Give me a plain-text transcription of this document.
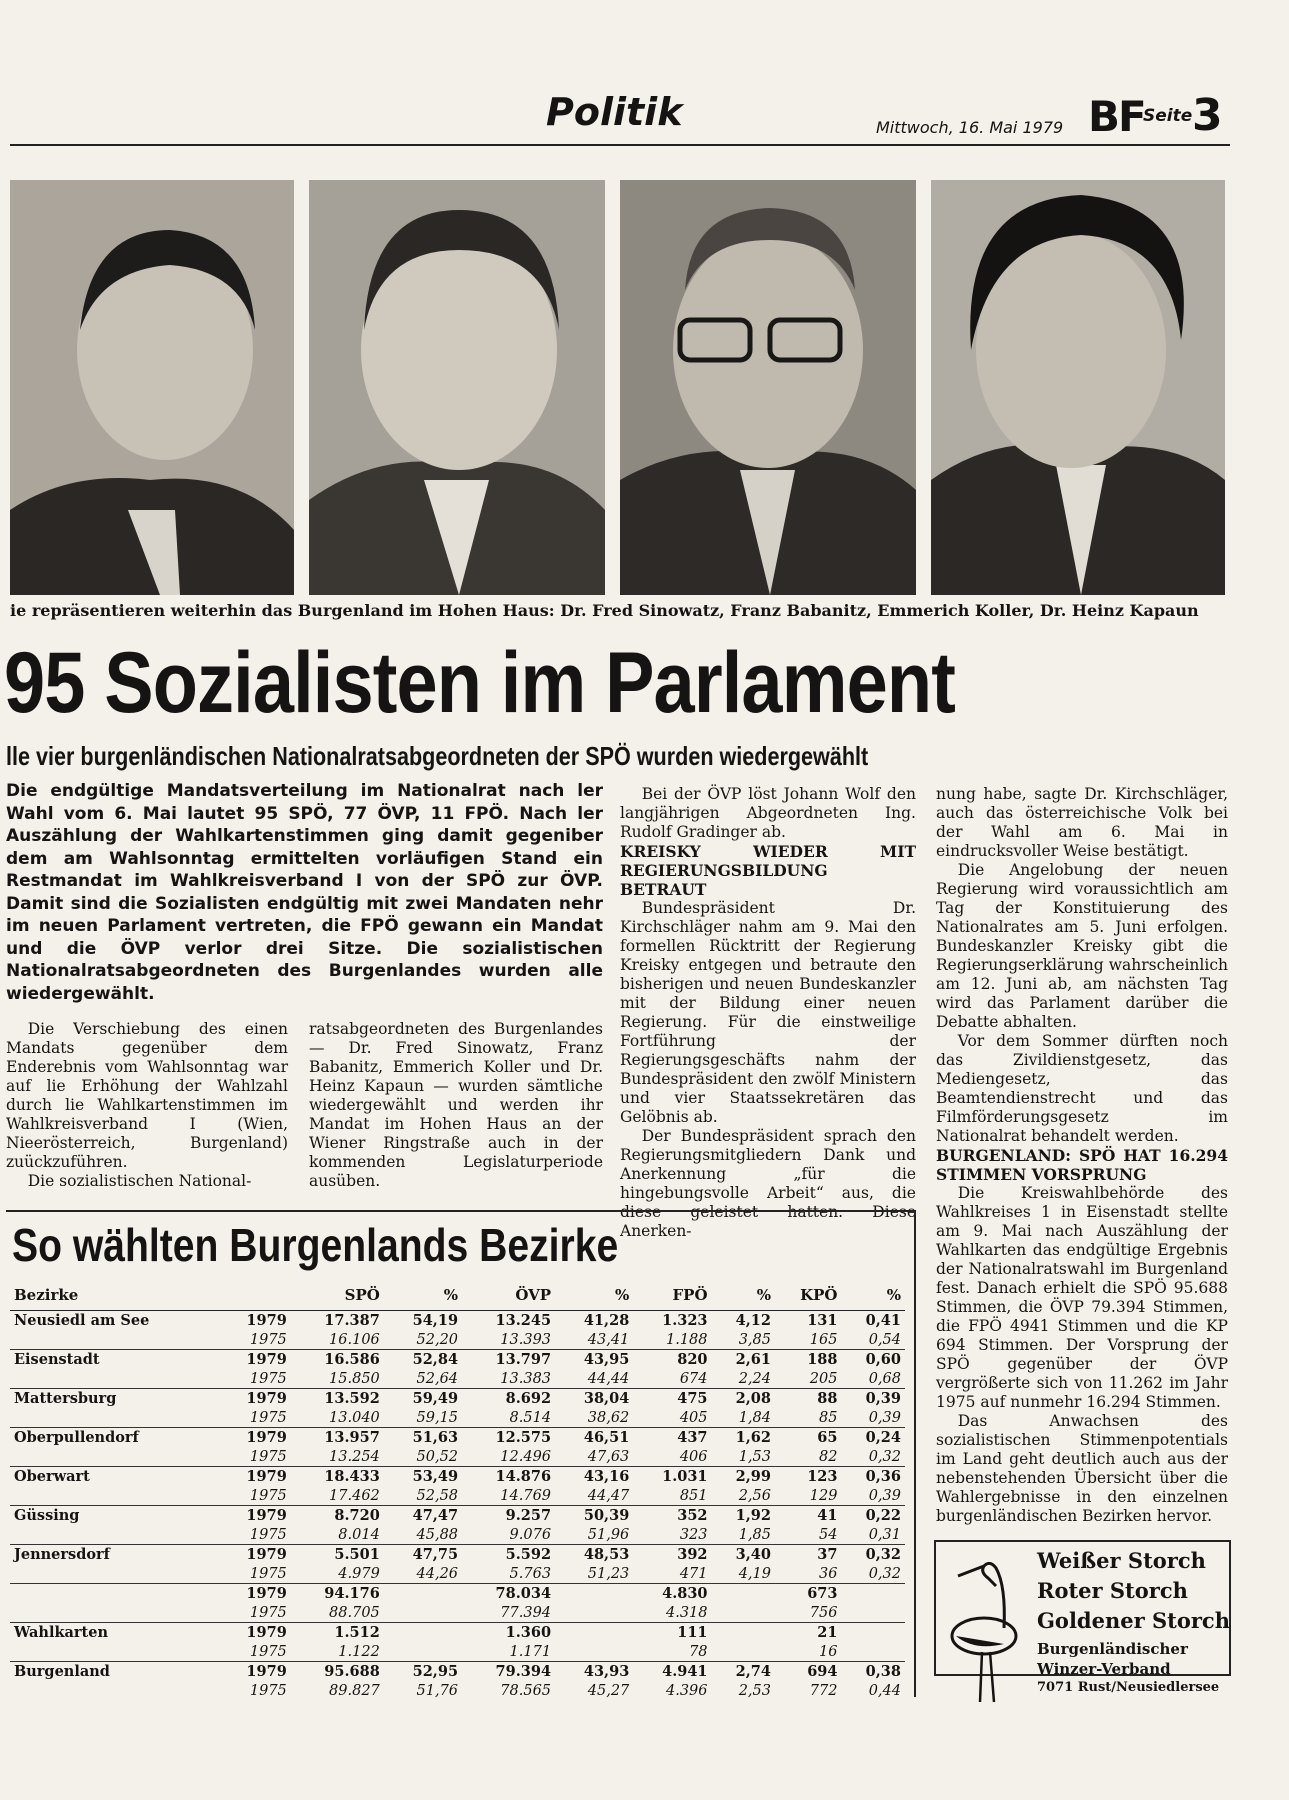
Politik	Mittwoch, 16. Mai 1979 BF
Seite 3
ie repräsentieren weiterhin das Burgenland im Hohen Haus: Dr. Fred Sinowatz, Franz Babanitz, Emmerich Koller, Dr. Heinz Kapaun
95 Sozialisten im Parlament
lle vier burgenländischen Nationalratsabgeordneten der SPÖ wurden wiedergewählt
Die endgültige Mandatsverteilung im Nationalrat nach ler Wahl vom 6. Mai lautet 95 SPÖ, 77 ÖVP, 11 FPÖ. Nach ler Auszählung der Wahlkartenstimmen ging damit gegeniber dem am Wahlsonntag ermittelten vorläufigen Stand ein Restmandat im Wahlkreisverband I von der SPÖ zur ÖVP. Damit sind die Sozialisten endgültig mit zwei Mandaten nehr im neuen Parlament vertreten, die FPÖ gewann ein Mandat und die ÖVP verlor drei Sitze. Die sozialistischen Nationalratsabgeordneten des Burgenlandes wurden alle wiedergewählt.

Die Verschiebung des einen Mandats gegenüber dem Enderebnis vom Wahlsonntag war auf lie Erhöhung der Wahlzahl durch lie Wahlkartenstimmen im Wahlkreisverband I (Wien, Nieerösterreich, Burgenland) zuückzuführen.

Die sozialistischen National-

ratsabgeordneten des Burgenlandes — Dr. Fred Sinowatz, Franz Babanitz, Emmerich Koller und Dr. Heinz Kapaun — wurden sämtliche wiedergewählt und werden ihr Mandat im Hohen Haus an der Wiener Ringstraße auch in der kommenden Legislaturperiode ausüben.

Bei der ÖVP löst Johann Wolf den langjährigen Abgeordneten Ing. Rudolf Gradinger ab.

KREISKY WIEDER MIT REGIERUNGSBILDUNG BETRAUT

Bundespräsident Dr. Kirchschläger nahm am 9. Mai den formellen Rücktritt der Regierung Kreisky entgegen und betraute den bisherigen und neuen Bundeskanzler mit der Bildung einer neuen Regierung. Für die einstweilige Fortführung der Regierungsgeschäfts nahm der Bundespräsident den zwölf Ministern und vier Staatssekretären das Gelöbnis ab.

Der Bundespräsident sprach den Regierungsmitgliedern Dank und Anerkennung „für die hingebungsvolle Arbeit“ aus, die diese geleistet hatten. Diese Anerken-

nung habe, sagte Dr. Kirchschläger, auch das österreichische Volk bei der Wahl am 6. Mai in eindrucksvoller Weise bestätigt.

Die Angelobung der neuen Regierung wird voraussichtlich am Tag der Konstituierung des Nationalrates am 5. Juni erfolgen. Bundeskanzler Kreisky gibt die Regierungserklärung wahrscheinlich am 12. Juni ab, am nächsten Tag wird das Parlament darüber die Debatte abhalten.

Vor dem Sommer dürften noch das Zivildienstgesetz, das Mediengesetz, das Beamtendienstrecht und das Filmförderungsgesetz im Nationalrat behandelt werden.

BURGENLAND: SPÖ HAT 16.294 STIMMEN VORSPRUNG

Die Kreiswahlbehörde des Wahlkreises 1 in Eisenstadt stellte am 9. Mai nach Auszählung der Wahlkarten das endgültige Ergebnis der Nationalratswahl im Burgenland fest. Danach erhielt die SPÖ 95.688 Stimmen, die ÖVP 79.394 Stimmen, die FPÖ 4941 Stimmen und die KP 694 Stimmen. Der Vorsprung der SPÖ gegenüber der ÖVP vergrößerte sich von 11.262 im Jahr 1975 auf nunmehr 16.294 Stimmen.

Das Anwachsen des sozialistischen Stimmenpotentials im Land geht deutlich auch aus der nebenstehenden Übersicht über die Wahlergebnisse in den einzelnen burgenländischen Bezirken hervor.

So wählten Burgenlands Bezirke
Bezirke		SPÖ	%	ÖVP	%	FPÖ	%	KPÖ	%
Neusiedl am See	1979	17.387	54,19	13.245	41,28	1.323	4,12	131	0,41
	1975	16.106	52,20	13.393	43,41	1.188	3,85	165	0,54
Eisenstadt	1979	16.586	52,84	13.797	43,95	820	2,61	188	0,60
	1975	15.850	52,64	13.383	44,44	674	2,24	205	0,68
Mattersburg	1979	13.592	59,49	8.692	38,04	475	2,08	88	0,39
	1975	13.040	59,15	8.514	38,62	405	1,84	85	0,39
Oberpullendorf	1979	13.957	51,63	12.575	46,51	437	1,62	65	0,24
	1975	13.254	50,52	12.496	47,63	406	1,53	82	0,32
Oberwart	1979	18.433	53,49	14.876	43,16	1.031	2,99	123	0,36
	1975	17.462	52,58	14.769	44,47	851	2,56	129	0,39
Güssing	1979	8.720	47,47	9.257	50,39	352	1,92	41	0,22
	1975	8.014	45,88	9.076	51,96	323	1,85	54	0,31
Jennersdorf	1979	5.501	47,75	5.592	48,53	392	3,40	37	0,32
	1975	4.979	44,26	5.763	51,23	471	4,19	36	0,32
	1979	94.176		78.034		4.830		673	
	1975	88.705		77.394		4.318		756	
Wahlkarten	1979	1.512		1.360		111		21	
	1975	1.122		1.171		78		16	
Burgenland	1979	95.688	52,95	79.394	43,93	4.941	2,74	694	0,38
	1975	89.827	51,76	78.565	45,27	4.396	2,53	772	0,44
Weißer Storch
Roter Storch
Goldener Storch
Burgenländischer
Winzer-Verband
7071 Rust/Neusiedlersee
